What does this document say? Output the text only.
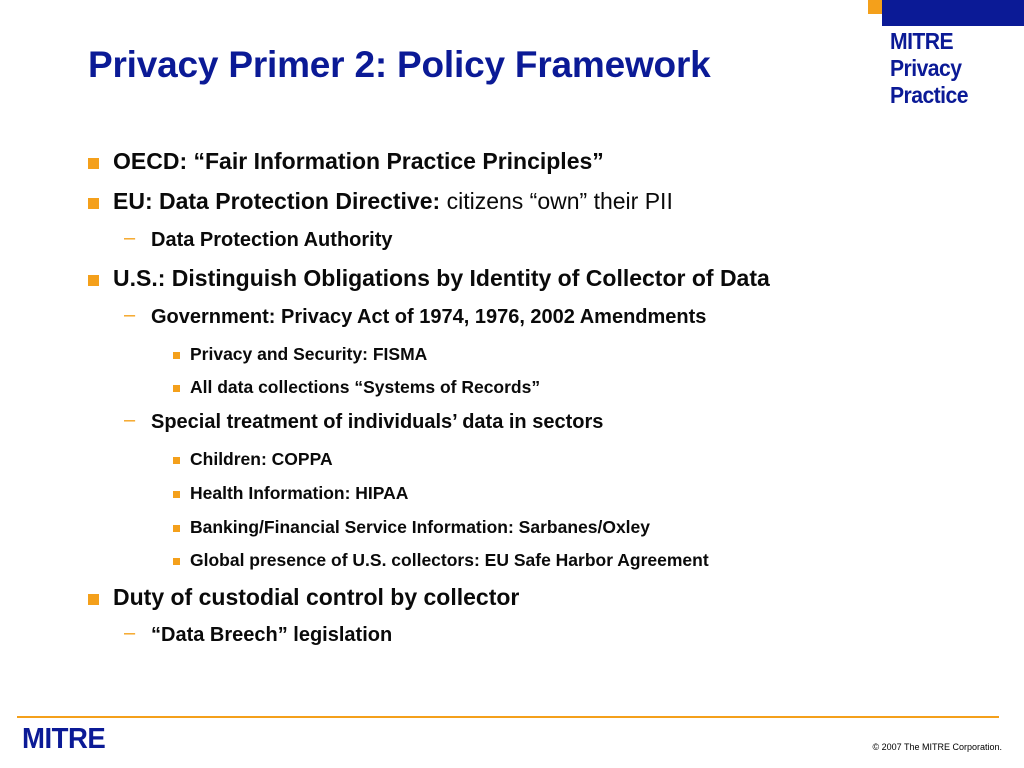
Privacy Primer 2: Policy Framework
MITRE
Privacy
Practice
OECD: “Fair Information Practice Principles”
EU: Data Protection Directive: citizens “own” their PII
– Data Protection Authority
U.S.: Distinguish Obligations by Identity of Collector of Data
– Government: Privacy Act of 1974, 1976, 2002 Amendments
Privacy and Security: FISMA
All data collections “Systems of Records”
– Special treatment of individuals’ data in sectors
Children: COPPA
Health Information: HIPAA
Banking/Financial Service Information: Sarbanes/Oxley
Global presence of U.S. collectors: EU Safe Harbor Agreement
Duty of custodial control by collector
– “Data Breech” legislation
MITRE	© 2007 The MITRE Corporation.
